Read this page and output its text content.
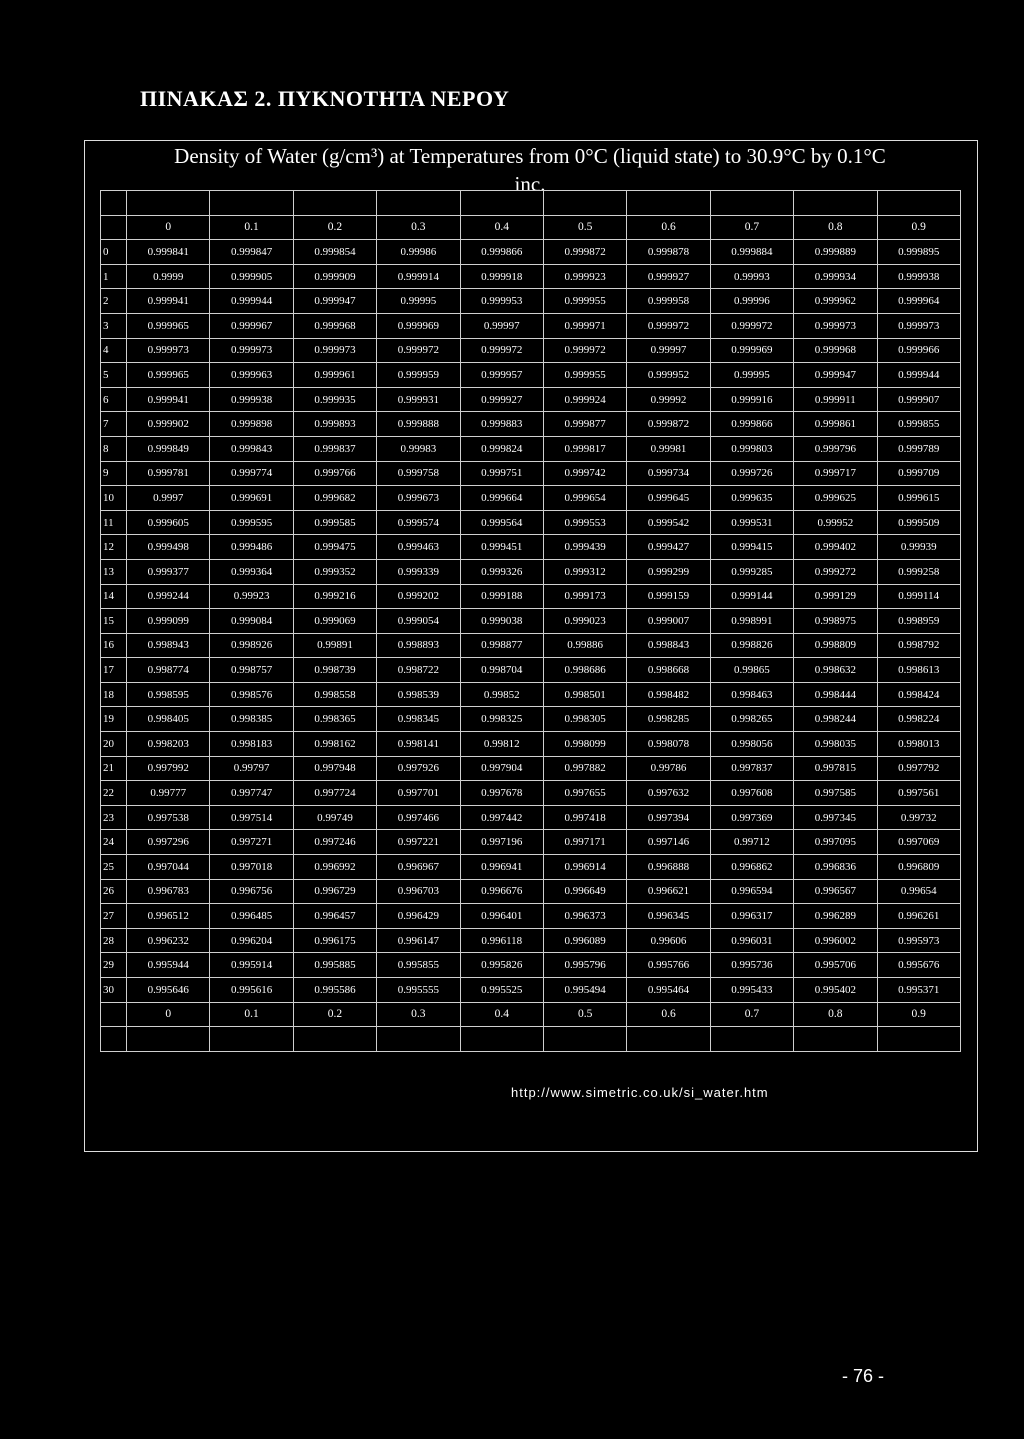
ΠΙΝΑΚΑΣ 2. ΠΥΚΝΟΤΗΤΑ ΝΕΡΟΥ
Density of Water (g/cm³) at Temperatures from 0°C (liquid state) to 30.9°C by 0.1°C
inc.

	0	0.1	0.2	0.3	0.4	0.5	0.6	0.7	0.8	0.9
0	0.999841	0.999847	0.999854	0.99986	0.999866	0.999872	0.999878	0.999884	0.999889	0.999895
1	0.9999	0.999905	0.999909	0.999914	0.999918	0.999923	0.999927	0.99993	0.999934	0.999938
2	0.999941	0.999944	0.999947	0.99995	0.999953	0.999955	0.999958	0.99996	0.999962	0.999964
3	0.999965	0.999967	0.999968	0.999969	0.99997	0.999971	0.999972	0.999972	0.999973	0.999973
4	0.999973	0.999973	0.999973	0.999972	0.999972	0.999972	0.99997	0.999969	0.999968	0.999966
5	0.999965	0.999963	0.999961	0.999959	0.999957	0.999955	0.999952	0.99995	0.999947	0.999944
6	0.999941	0.999938	0.999935	0.999931	0.999927	0.999924	0.99992	0.999916	0.999911	0.999907
7	0.999902	0.999898	0.999893	0.999888	0.999883	0.999877	0.999872	0.999866	0.999861	0.999855
8	0.999849	0.999843	0.999837	0.99983	0.999824	0.999817	0.99981	0.999803	0.999796	0.999789
9	0.999781	0.999774	0.999766	0.999758	0.999751	0.999742	0.999734	0.999726	0.999717	0.999709
10	0.9997	0.999691	0.999682	0.999673	0.999664	0.999654	0.999645	0.999635	0.999625	0.999615
11	0.999605	0.999595	0.999585	0.999574	0.999564	0.999553	0.999542	0.999531	0.99952	0.999509
12	0.999498	0.999486	0.999475	0.999463	0.999451	0.999439	0.999427	0.999415	0.999402	0.99939
13	0.999377	0.999364	0.999352	0.999339	0.999326	0.999312	0.999299	0.999285	0.999272	0.999258
14	0.999244	0.99923	0.999216	0.999202	0.999188	0.999173	0.999159	0.999144	0.999129	0.999114
15	0.999099	0.999084	0.999069	0.999054	0.999038	0.999023	0.999007	0.998991	0.998975	0.998959
16	0.998943	0.998926	0.99891	0.998893	0.998877	0.99886	0.998843	0.998826	0.998809	0.998792
17	0.998774	0.998757	0.998739	0.998722	0.998704	0.998686	0.998668	0.99865	0.998632	0.998613
18	0.998595	0.998576	0.998558	0.998539	0.99852	0.998501	0.998482	0.998463	0.998444	0.998424
19	0.998405	0.998385	0.998365	0.998345	0.998325	0.998305	0.998285	0.998265	0.998244	0.998224
20	0.998203	0.998183	0.998162	0.998141	0.99812	0.998099	0.998078	0.998056	0.998035	0.998013
21	0.997992	0.99797	0.997948	0.997926	0.997904	0.997882	0.99786	0.997837	0.997815	0.997792
22	0.99777	0.997747	0.997724	0.997701	0.997678	0.997655	0.997632	0.997608	0.997585	0.997561
23	0.997538	0.997514	0.99749	0.997466	0.997442	0.997418	0.997394	0.997369	0.997345	0.99732
24	0.997296	0.997271	0.997246	0.997221	0.997196	0.997171	0.997146	0.99712	0.997095	0.997069
25	0.997044	0.997018	0.996992	0.996967	0.996941	0.996914	0.996888	0.996862	0.996836	0.996809
26	0.996783	0.996756	0.996729	0.996703	0.996676	0.996649	0.996621	0.996594	0.996567	0.99654
27	0.996512	0.996485	0.996457	0.996429	0.996401	0.996373	0.996345	0.996317	0.996289	0.996261
28	0.996232	0.996204	0.996175	0.996147	0.996118	0.996089	0.99606	0.996031	0.996002	0.995973
29	0.995944	0.995914	0.995885	0.995855	0.995826	0.995796	0.995766	0.995736	0.995706	0.995676
30	0.995646	0.995616	0.995586	0.995555	0.995525	0.995494	0.995464	0.995433	0.995402	0.995371
	0	0.1	0.2	0.3	0.4	0.5	0.6	0.7	0.8	0.9

http://www.simetric.co.uk/si_water.htm
- 76 -
